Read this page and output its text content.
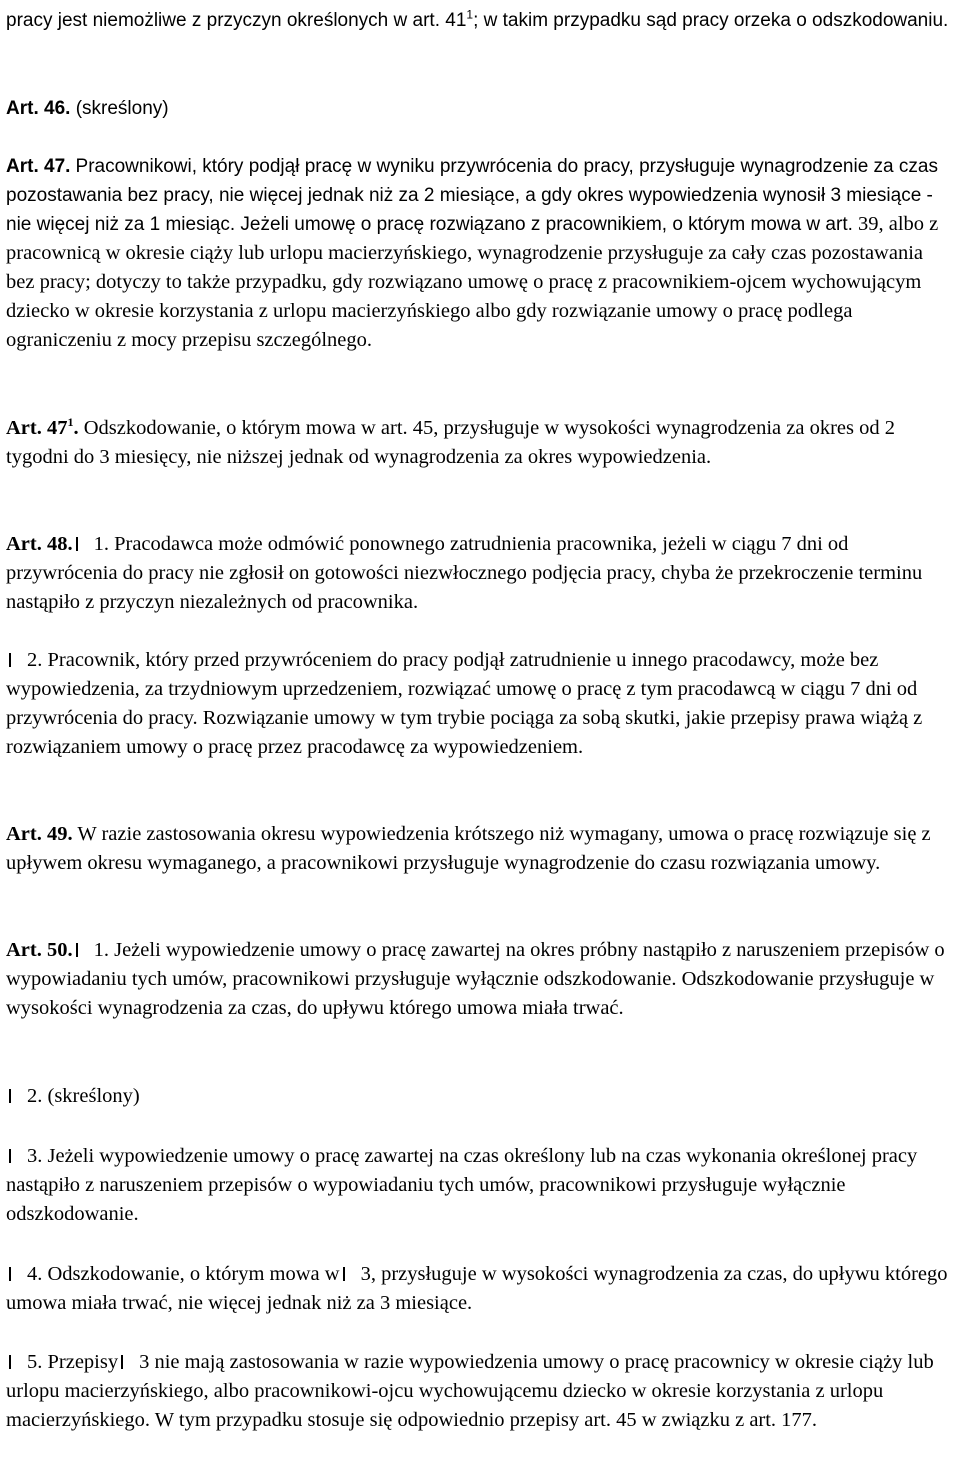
pracy jest niemożliwe z przyczyn określonych w art. $41^1$; w takim przypadku sąd pracy orzeka o odszkodowaniu.

Art. 46. (skreślony)

Art. 47. Pracownikowi, który podjął pracę w wyniku przywrócenia do pracy, przysługuje wynagrodzenie za czas pozostawania bez pracy, nie więcej jednak niż za 2 miesiące, a gdy okres wypowiedzenia wynosił 3 miesiące - nie więcej niż za 1 miesiąc. Jeżeli umowę o pracę rozwiązano z pracownikiem, o którym mowa w art. 39, albo z pracownicą w okresie ciąży lub urlopu macierzyńskiego, wynagrodzenie przysługuje za cały czas pozostawania bez pracy; dotyczy to także przypadku, gdy rozwiązano umowę o pracę z pracownikiem-ojcem wychowującym dziecko w okresie korzystania z urlopu macierzyńskiego albo gdy rozwiązanie umowy o pracę podlega ograniczeniu z mocy przepisu szczególnego.

Art. $47^1$. Odszkodowanie, o którym mowa w art. 45, przysługuje w wysokości wynagrodzenia za okres od 2 tygodni do 3 miesięcy, nie niższej jednak od wynagrodzenia za okres wypowiedzenia.

Art. 48. 1. Pracodawca może odmówić ponownego zatrudnienia pracownika, jeżeli w ciągu 7 dni od przywrócenia do pracy nie zgłosił on gotowości niezwłocznego podjęcia pracy, chyba że przekroczenie terminu nastąpiło z przyczyn niezależnych od pracownika.

2. Pracownik, który przed przywróceniem do pracy podjął zatrudnienie u innego pracodawcy, może bez wypowiedzenia, za trzydniowym uprzedzeniem, rozwiązać umowę o pracę z tym pracodawcą w ciągu 7 dni od przywrócenia do pracy. Rozwiązanie umowy w tym trybie pociąga za sobą skutki, jakie przepisy prawa wiążą z rozwiązaniem umowy o pracę przez pracodawcę za wypowiedzeniem.

Art. 49. W razie zastosowania okresu wypowiedzenia krótszego niż wymagany, umowa o pracę rozwiązuje się z upływem okresu wymaganego, a pracownikowi przysługuje wynagrodzenie do czasu rozwiązania umowy.

Art. 50. 1. Jeżeli wypowiedzenie umowy o pracę zawartej na okres próbny nastąpiło z naruszeniem przepisów o wypowiadaniu tych umów, pracownikowi przysługuje wyłącznie odszkodowanie. Odszkodowanie przysługuje w wysokości wynagrodzenia za czas, do upływu którego umowa miała trwać.

2. (skreślony)

3. Jeżeli wypowiedzenie umowy o pracę zawartej na czas określony lub na czas wykonania określonej pracy nastąpiło z naruszeniem przepisów o wypowiadaniu tych umów, pracownikowi przysługuje wyłącznie odszkodowanie.

4. Odszkodowanie, o którym mowa w 3, przysługuje w wysokości wynagrodzenia za czas, do upływu którego umowa miała trwać, nie więcej jednak niż za 3 miesiące.

5. Przepisy 3 nie mają zastosowania w razie wypowiedzenia umowy o pracę pracownicy w okresie ciąży lub urlopu macierzyńskiego, albo pracownikowi-ojcu wychowującemu dziecko w okresie korzystania z urlopu macierzyńskiego. W tym przypadku stosuje się odpowiednio przepisy art. 45 w związku z art. 177.
